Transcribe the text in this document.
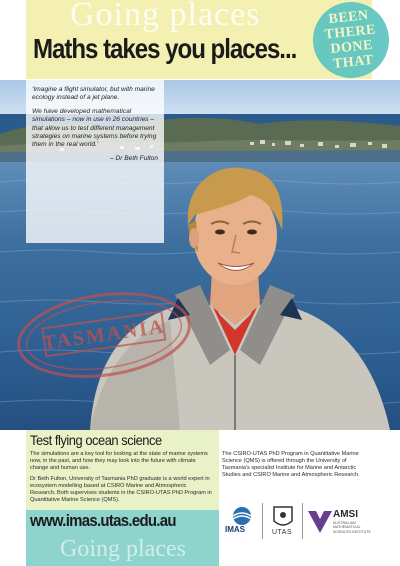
Going places
Maths takes you places...
BEEN
THERE
DONE
THAT

‘Imagine a flight simulator, but with marine ecology instead of a jet plane.

We have developed mathematical simulations – now in use in 26 countries – that allow us to test different management strategies on marine systems before trying them in the real world.’

– Dr Beth Fulton
TASMANIA
Test flying ocean science

The simulations are a key tool for looking at the state of marine systems now, in the past, and how they may look into the future with climate change and human use.

Dr Beth Fulton, University of Tasmania PhD graduate is a world expert in ecosystem modelling based at CSIRO Marine and Atmospheric Research. Both supervises students in the CSIRO-UTAS PhD Program in Quantitative Marine Science (QMS).

Going places
www.imas.utas.edu.au

The CSIRO-UTAS PhD Program in Quantitative Marine Science (QMS) is offered through the University of Tasmania's specialist Institute for Marine and Antarctic Studies and CSIRO Marine and Atmospheric Research.

IMAS	UTAS
AMSI
AUSTRALIAN MATHEMATICAL SCIENCES INSTITUTE
